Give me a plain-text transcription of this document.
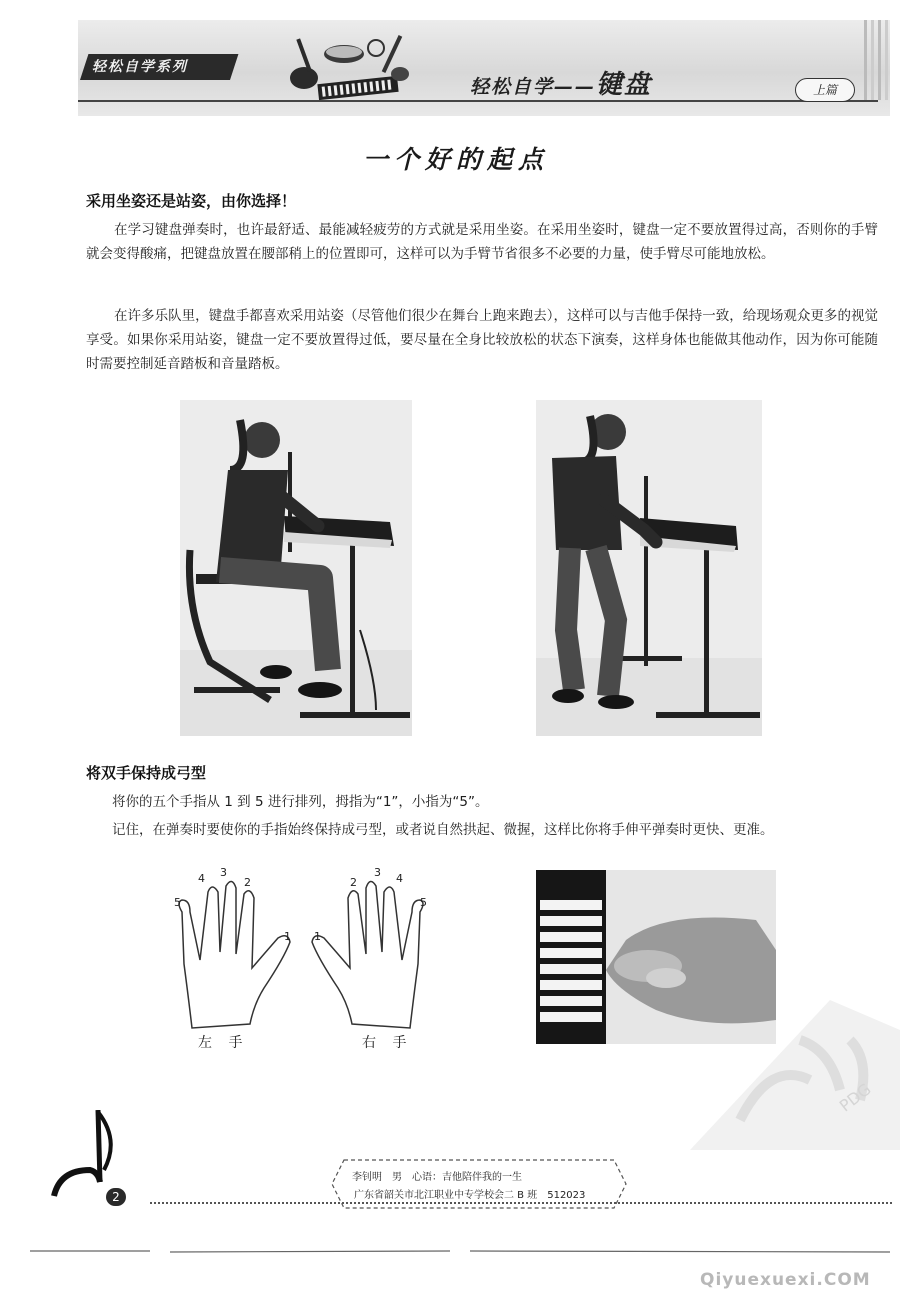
轻松自学系列
轻松自学——键盘	上篇
一个好的起点
采用坐姿还是站姿，由你选择！
在学习键盘弹奏时，也许最舒适、最能减轻疲劳的方式就是采用坐姿。在采用坐姿时，键盘一定不要放置得过高，否则你的手臂就会变得酸痛，把键盘放置在腰部稍上的位置即可，这样可以为手臂节省很多不必要的力量，使手臂尽可能地放松。
在许多乐队里，键盘手都喜欢采用站姿（尽管他们很少在舞台上跑来跑去），这样可以与吉他手保持一致，给现场观众更多的视觉享受。如果你采用站姿，键盘一定不要放置得过低，要尽量在全身比较放松的状态下演奏，这样身体也能做其他动作，因为你可能随时需要控制延音踏板和音量踏板。
将双手保持成弓型
将你的五个手指从 1 到 5 进行排列，拇指为“1”，小指为“5”。
记住，在弹奏时要使你的手指始终保持成弓型，或者说自然拱起、微握，这样比你将手伸平弹奏时更快、更准。
5
4 3
2
1 1
2
3 4
5
左 手	右 手
PDG
2
李钊明　男　心语：吉他陪伴我的一生
广东省韶关市北江职业中专学校会二 B 班　512023
Qiyuexuexi.COM
